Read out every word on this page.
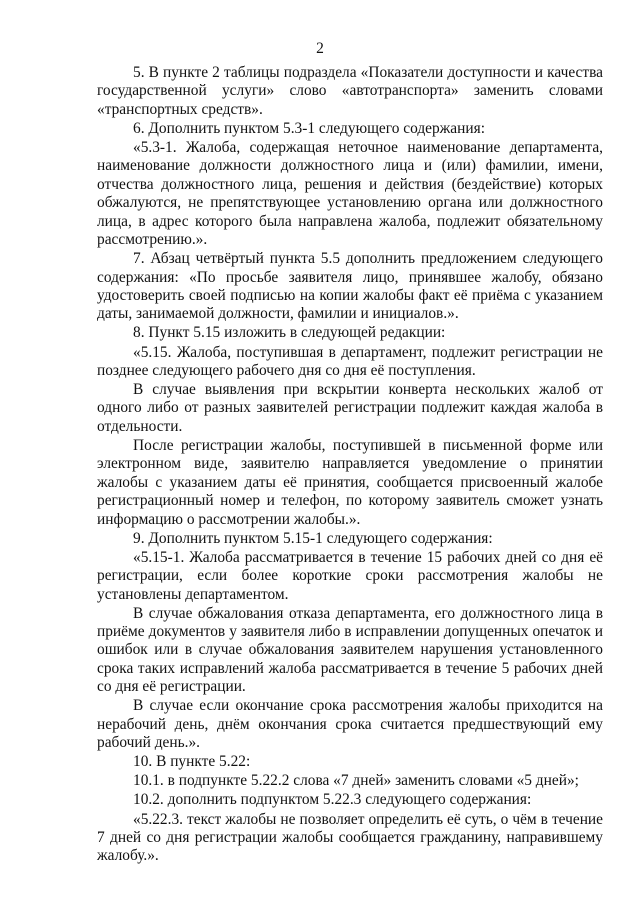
2

5. В пункте 2 таблицы подраздела «Показатели доступности и качества государственной услуги» слово «автотранспорта» заменить словами «транспортных средств».

6. Дополнить пунктом 5.3-1 следующего содержания:

«5.3-1. Жалоба, содержащая неточное наименование департамента, наименование должности должностного лица и (или) фамилии, имени, отчества должностного лица, решения и действия (бездействие) которых обжалуются, не препятствующее установлению органа или должностного лица, в адрес которого была направлена жалоба, подлежит обязательному рассмотрению.».

7. Абзац четвёртый пункта 5.5 дополнить предложением следующего содержания: «По просьбе заявителя лицо, принявшее жалобу, обязано удостоверить своей подписью на копии жалобы факт её приёма с указанием даты, занимаемой должности, фамилии и инициалов.».

8. Пункт 5.15 изложить в следующей редакции:

«5.15. Жалоба, поступившая в департамент, подлежит регистрации не позднее следующего рабочего дня со дня её поступления.

В случае выявления при вскрытии конверта нескольких жалоб от одного либо от разных заявителей регистрации подлежит каждая жалоба в отдельности.

После регистрации жалобы, поступившей в письменной форме или электронном виде, заявителю направляется уведомление о принятии жалобы с указанием даты её принятия, сообщается присвоенный жалобе регистрационный номер и телефон, по которому заявитель сможет узнать информацию о рассмотрении жалобы.».

9. Дополнить пунктом 5.15-1 следующего содержания:

«5.15-1. Жалоба рассматривается в течение 15 рабочих дней со дня её регистрации, если более короткие сроки рассмотрения жалобы не установлены департаментом.

В случае обжалования отказа департамента, его должностного лица в приёме документов у заявителя либо в исправлении допущенных опечаток и ошибок или в случае обжалования заявителем нарушения установленного срока таких исправлений жалоба рассматривается в течение 5 рабочих дней со дня её регистрации.

В случае если окончание срока рассмотрения жалобы приходится на нерабочий день, днём окончания срока считается предшествующий ему рабочий день.».

10. В пункте 5.22:

10.1. в подпункте 5.22.2 слова «7 дней» заменить словами «5 дней»;

10.2. дополнить подпунктом 5.22.3 следующего содержания:

«5.22.3. текст жалобы не позволяет определить её суть, о чём в течение 7 дней со дня регистрации жалобы сообщается гражданину, направившему жалобу.».
